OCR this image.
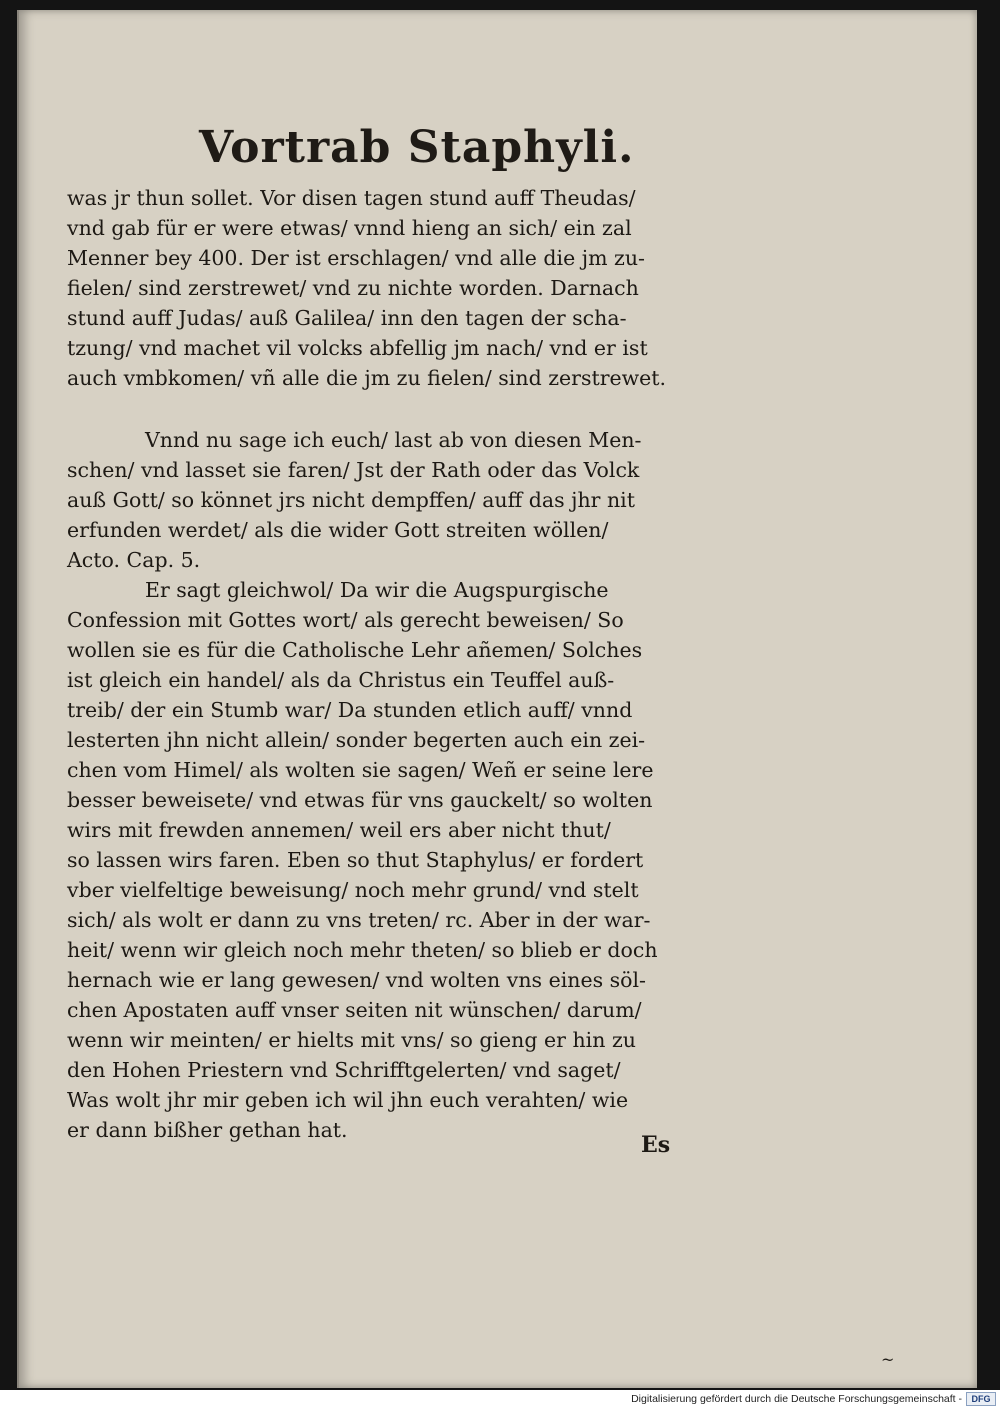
Vortrab Staphyli.
was jr thun sollet. Vor disen tagen stund auff Theudas/
vnd gab für er were etwas/ vnnd hieng an sich/ ein zal
Menner bey 400. Der ist erschlagen/ vnd alle die jm zu-
fielen/ sind zerstrewet/ vnd zu nichte worden. Darnach
stund auff Judas/ auß Galilea/ inn den tagen der scha-
tzung/ vnd machet vil volcks abfellig jm nach/ vnd er ist
auch vmbkomen/ vñ alle die jm zu fielen/ sind zerstrewet.
Vnnd nu sage ich euch/ last ab von diesen Men-
schen/ vnd lasset sie faren/ Jst der Rath oder das Volck
auß Gott/ so könnet jrs nicht dempffen/ auff das jhr nit
erfunden werdet/ als die wider Gott streiten wöllen/
Acto. Cap. 5.
Er sagt gleichwol/ Da wir die Augspurgische
Confession mit Gottes wort/ als gerecht beweisen/ So
wollen sie es für die Catholische Lehr añemen/ Solches
ist gleich ein handel/ als da Christus ein Teuffel auß-
treib/ der ein Stumb war/ Da stunden etlich auff/ vnnd
lesterten jhn nicht allein/ sonder begerten auch ein zei-
chen vom Himel/ als wolten sie sagen/ Weñ er seine lere
besser beweisete/ vnd etwas für vns gauckelt/ so wolten
wirs mit frewden annemen/ weil ers aber nicht thut/
so lassen wirs faren. Eben so thut Staphylus/ er fordert
vber vielfeltige beweisung/ noch mehr grund/ vnd stelt
sich/ als wolt er dann zu vns treten/ rc. Aber in der war-
heit/ wenn wir gleich noch mehr theten/ so blieb er doch
hernach wie er lang gewesen/ vnd wolten vns eines söl-
chen Apostaten auff vnser seiten nit wünschen/ darum/
wenn wir meinten/ er hielts mit vns/ so gieng er hin zu
den Hohen Priestern vnd Schrifftgelerten/ vnd saget/
Was wolt jhr mir geben ich wil jhn euch verahten/ wie
er dann bißher gethan hat.
Es
~
Digitalisierung gefördert durch die Deutsche Forschungsgemeinschaft -	DFG
